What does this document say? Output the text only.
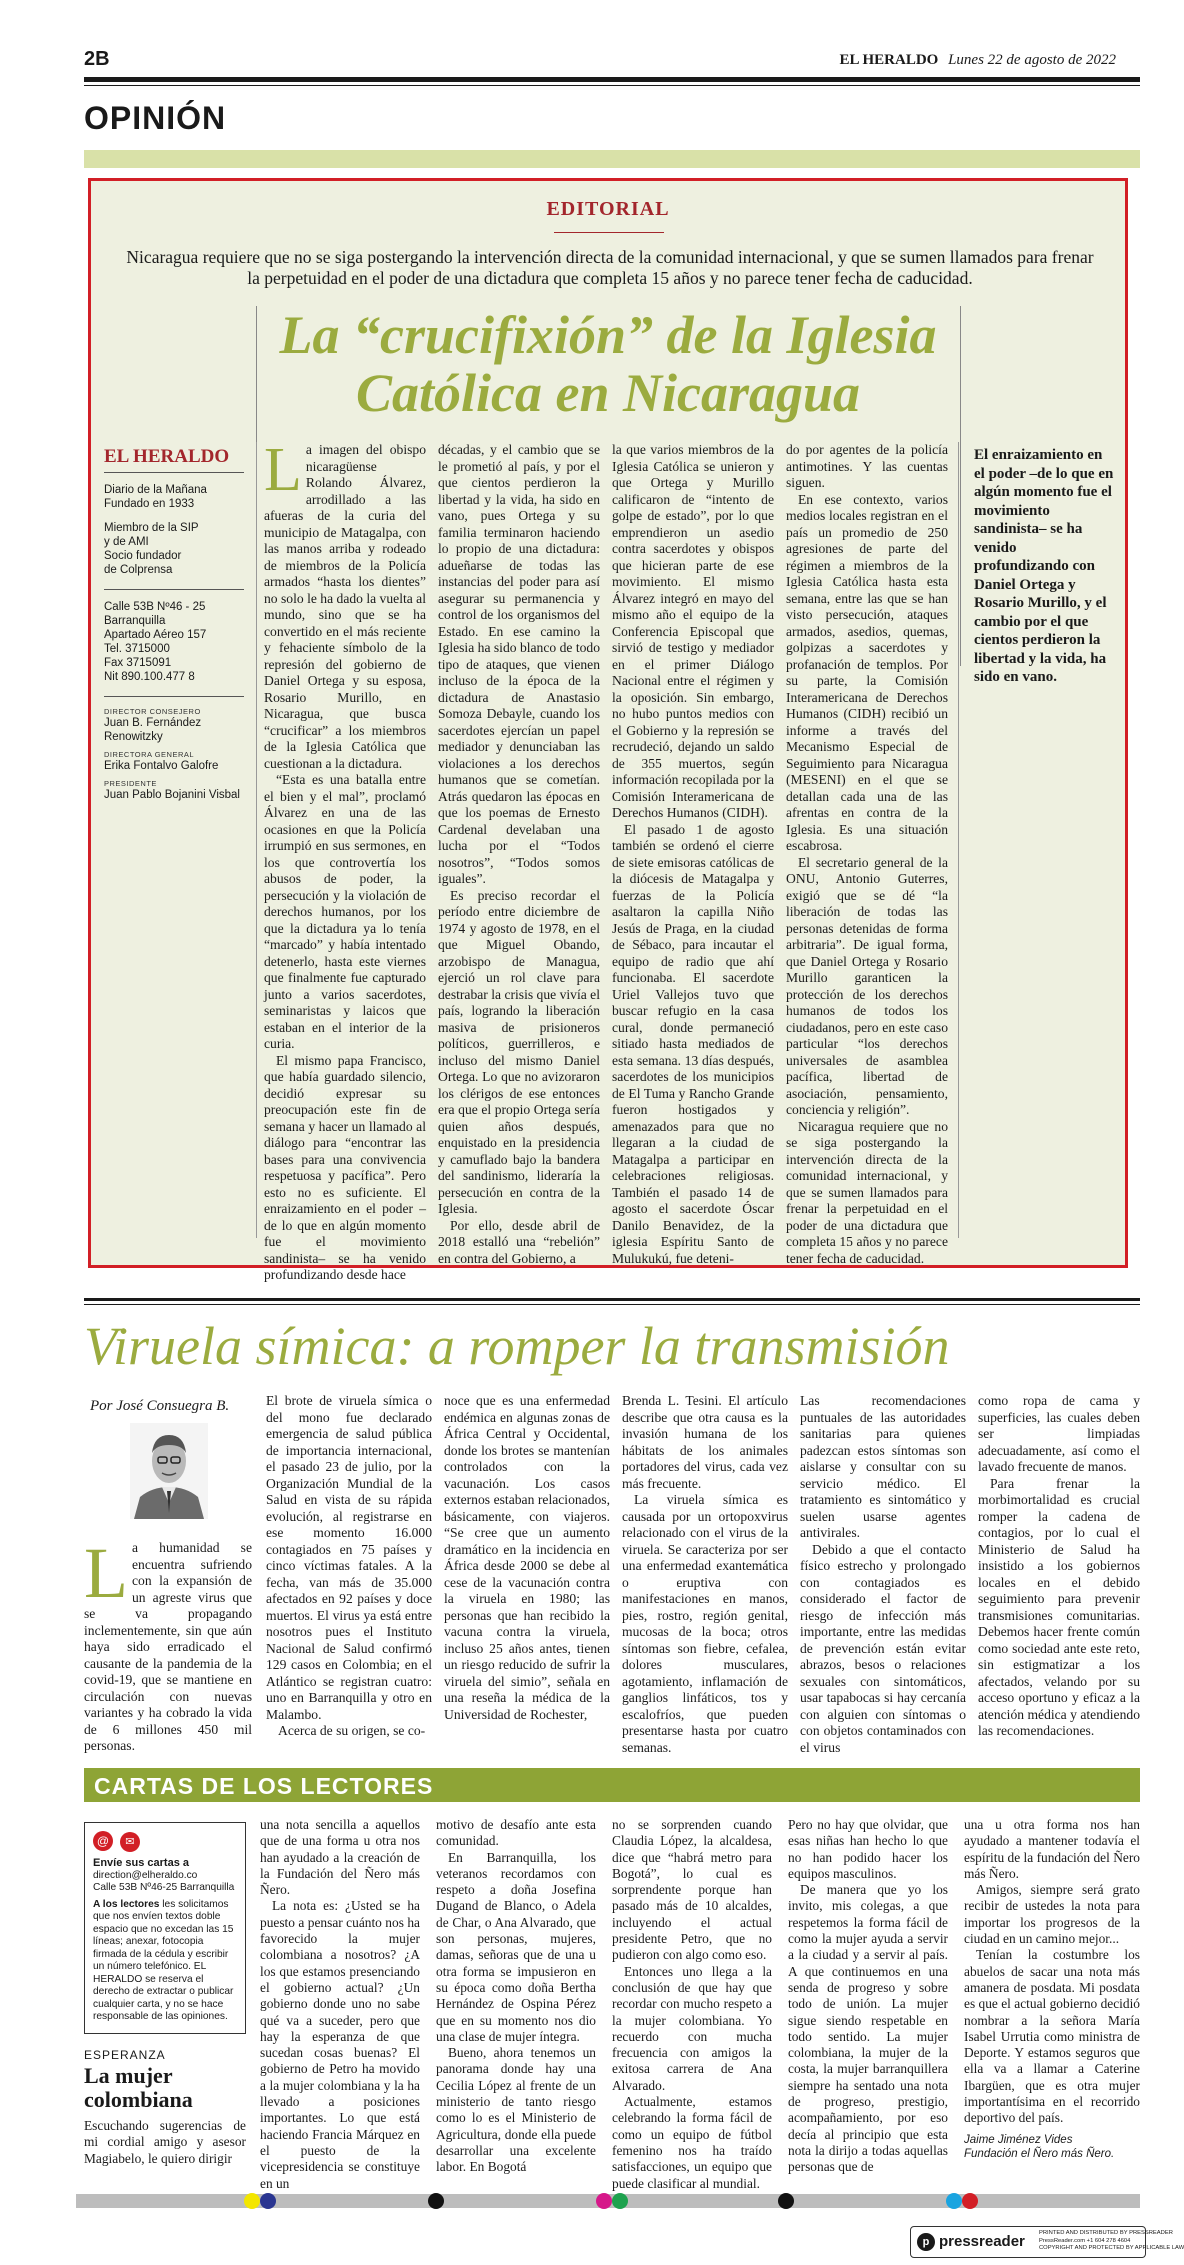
2B	EL HERALDO Lunes 22 de agosto de 2022
OPINIÓN
EDITORIAL
Nicaragua requiere que no se siga postergando la intervención directa de la comunidad internacional, y que se sumen llamados para frenar la perpetuidad en el poder de una dictadura que completa 15 años y no parece tener fecha de caducidad.
La “crucifixión” de la Iglesia
Católica en Nicaragua
EL HERALDO
Diario de la Mañana
Fundado en 1933
Miembro de la SIP
y de AMI
Socio fundador
de Colprensa
Calle 53B Nº46 - 25
Barranquilla
Apartado Aéreo 157
Tel. 3715000
Fax 3715091
Nit 890.100.477 8
DIRECTOR CONSEJERO
Juan B. Fernández Renowitzky
DIRECTORA GENERAL
Erika Fontalvo Galofre
PRESIDENTE
Juan Pablo Bojanini Visbal

La imagen del obispo nicaragüense Rolando Álvarez, arrodillado a las afueras de la curia del municipio de Matagalpa, con las manos arriba y rodeado de miembros de la Policía armados “hasta los dientes” no solo le ha dado la vuelta al mundo, sino que se ha convertido en el más reciente y fehaciente símbolo de la represión del gobierno de Daniel Ortega y su esposa, Rosario Murillo, en Nicaragua, que busca “crucificar” a los miembros de la Iglesia Católica que cuestionan a la dictadura.

“Esta es una batalla entre el bien y el mal”, proclamó Álvarez en una de las ocasiones en que la Policía irrumpió en sus sermones, en los que controvertía los abusos de poder, la persecución y la violación de derechos humanos, por los que la dictadura ya lo tenía “marcado” y había intentado detenerlo, hasta este viernes que finalmente fue capturado junto a varios sacerdotes, seminaristas y laicos que estaban en el interior de la curia.

El mismo papa Francisco, que había guardado silencio, decidió expresar su preocupación este fin de semana y hacer un llamado al diálogo para “encontrar las bases para una convivencia respetuosa y pacífica”. Pero esto no es suficiente. El enraizamiento en el poder –de lo que en algún momento fue el movimiento sandinista– se ha venido profundizando desde hace

décadas, y el cambio que se le prometió al país, y por el que cientos perdieron la libertad y la vida, ha sido en vano, pues Ortega y su familia terminaron haciendo lo propio de una dictadura: adueñarse de todas las instancias del poder para así asegurar su permanencia y control de los organismos del Estado. En ese camino la Iglesia ha sido blanco de todo tipo de ataques, que vienen incluso de la época de la dictadura de Anastasio Somoza Debayle, cuando los sacerdotes ejercían un papel mediador y denunciaban las violaciones a los derechos humanos que se cometían. Atrás quedaron las épocas en que los poemas de Ernesto Cardenal develaban una lucha por el “Todos nosotros”, “Todos somos iguales”.

Es preciso recordar el período entre diciembre de 1974 y agosto de 1978, en el que Miguel Obando, arzobispo de Managua, ejerció un rol clave para destrabar la crisis que vivía el país, logrando la liberación masiva de prisioneros políticos, guerrilleros, e incluso del mismo Daniel Ortega. Lo que no avizoraron los clérigos de ese entonces era que el propio Ortega sería quien años después, enquistado en la presidencia y camuflado bajo la bandera del sandinismo, lideraría la persecución en contra de la Iglesia.

Por ello, desde abril de 2018 estalló una “rebelión” en contra del Gobierno, a

la que varios miembros de la Iglesia Católica se unieron y que Ortega y Murillo calificaron de “intento de golpe de estado”, por lo que emprendieron un asedio contra sacerdotes y obispos que hicieran parte de ese movimiento. El mismo Álvarez integró en mayo del mismo año el equipo de la Conferencia Episcopal que sirvió de testigo y mediador en el primer Diálogo Nacional entre el régimen y la oposición. Sin embargo, no hubo puntos medios con el Gobierno y la represión se recrudeció, dejando un saldo de 355 muertos, según información recopilada por la Comisión Interamericana de Derechos Humanos (CIDH).

El pasado 1 de agosto también se ordenó el cierre de siete emisoras católicas de la diócesis de Matagalpa y fuerzas de la Policía asaltaron la capilla Niño Jesús de Praga, en la ciudad de Sébaco, para incautar el equipo de radio que ahí funcionaba. El sacerdote Uriel Vallejos tuvo que buscar refugio en la casa cural, donde permaneció sitiado hasta mediados de esta semana. 13 días después, sacerdotes de los municipios de El Tuma y Rancho Grande fueron hostigados y amenazados para que no llegaran a la ciudad de Matagalpa a participar en celebraciones religiosas. También el pasado 14 de agosto el sacerdote Óscar Danilo Benavidez, de la iglesia Espíritu Santo de Mulukukú, fue deteni-

do por agentes de la policía antimotines. Y las cuentas siguen.

En ese contexto, varios medios locales registran en el país un promedio de 250 agresiones de parte del régimen a miembros de la Iglesia Católica hasta esta semana, entre las que se han visto persecución, ataques armados, asedios, quemas, golpizas a sacerdotes y profanación de templos. Por su parte, la Comisión Interamericana de Derechos Humanos (CIDH) recibió un informe a través del Mecanismo Especial de Seguimiento para Nicaragua (MESENI) en el que se detallan cada una de las afrentas en contra de la Iglesia. Es una situación escabrosa.

El secretario general de la ONU, Antonio Guterres, exigió que se dé “la liberación de todas las personas detenidas de forma arbitraria”. De igual forma, que Daniel Ortega y Rosario Murillo garanticen la protección de los derechos humanos de todos los ciudadanos, pero en este caso particular “los derechos universales de asamblea pacífica, libertad de asociación, pensamiento, conciencia y religión”.

Nicaragua requiere que no se siga postergando la intervención directa de la comunidad internacional, y que se sumen llamados para frenar la perpetuidad en el poder de una dictadura que completa 15 años y no parece tener fecha de caducidad.

El enraizamiento en el poder –de lo que en algún momento fue el movimiento sandinista– se ha venido profundizando con Daniel Ortega y Rosario Murillo, y el cambio por el que cientos perdieron la libertad y la vida, ha sido en vano.
Viruela símica: a romper la transmisión
Por José Consuegra B.

La humanidad se encuentra sufriendo con la expansión de un agreste virus que se va propagando inclementemente, sin que aún haya sido erradicado el causante de la pandemia de la covid-19, que se mantiene en circulación con nuevas variantes y ha cobrado la vida de 6 millones 450 mil personas.

El brote de viruela símica o del mono fue declarado emergencia de salud pública de importancia internacional, el pasado 23 de julio, por la Organización Mundial de la Salud en vista de su rápida evolución, al registrarse en ese momento 16.000 contagiados en 75 países y cinco víctimas fatales. A la fecha, van más de 35.000 afectados en 92 países y doce muertos. El virus ya está entre nosotros pues el Instituto Nacional de Salud confirmó 129 casos en Colombia; en el Atlántico se registran cuatro: uno en Barranquilla y otro en Malambo.

Acerca de su origen, se co-

noce que es una enfermedad endémica en algunas zonas de África Central y Occidental, donde los brotes se mantenían controlados con la vacunación. Los casos externos estaban relacionados, básicamente, con viajeros. “Se cree que un aumento dramático en la incidencia en África desde 2000 se debe al cese de la vacunación contra la viruela en 1980; las personas que han recibido la vacuna contra la viruela, incluso 25 años antes, tienen un riesgo reducido de sufrir la viruela del simio”, señala en una reseña la médica de la Universidad de Rochester,

Brenda L. Tesini. El artículo describe que otra causa es la invasión humana de los hábitats de los animales portadores del virus, cada vez más frecuente.

La viruela símica es causada por un ortopoxvirus relacionado con el virus de la viruela. Se caracteriza por ser una enfermedad exantemática o eruptiva con manifestaciones en manos, pies, rostro, región genital, mucosas de la boca; otros síntomas son fiebre, cefalea, dolores musculares, agotamiento, inflamación de ganglios linfáticos, tos y escalofríos, que pueden presentarse hasta por cuatro semanas.

Las recomendaciones puntuales de las autoridades sanitarias para quienes padezcan estos síntomas son aislarse y consultar con su servicio médico. El tratamiento es sintomático y suelen usarse agentes antivirales.

Debido a que el contacto físico estrecho y prolongado con contagiados es considerado el factor de riesgo de infección más importante, entre las medidas de prevención están evitar abrazos, besos o relaciones sexuales con sintomáticos, usar tapabocas si hay cercanía con alguien con síntomas o con objetos contaminados con el virus

como ropa de cama y superficies, las cuales deben ser limpiadas adecuadamente, así como el lavado frecuente de manos.

Para frenar la morbimortalidad es crucial romper la cadena de contagios, por lo cual el Ministerio de Salud ha insistido a los gobiernos locales en el debido seguimiento para prevenir transmisiones comunitarias. Debemos hacer frente común como sociedad ante este reto, sin estigmatizar a los afectados, velando por su acceso oportuno y eficaz a la atención médica y atendiendo las recomendaciones.

CARTAS DE LOS LECTORES
@ ✉
Envíe sus cartas a
direction@elheraldo.co
Calle 53B Nº46-25 Barranquilla
A los lectores les solicitamos que nos envíen textos doble espacio que no excedan las 15 líneas; anexar, fotocopia firmada de la cédula y escribir un número telefónico. EL HERALDO se reserva el derecho de extractar o publicar cualquier carta, y no se hace responsable de las opiniones.
ESPERANZA
La mujer
colombiana

Escuchando sugerencias de mi cordial amigo y asesor Magiabelo, le quiero dirigir

una nota sencilla a aquellos que de una forma u otra nos han ayudado a la creación de la Fundación del Ñero más Ñero.

La nota es: ¿Usted se ha puesto a pensar cuánto nos ha favorecido la mujer colombiana a nosotros? ¿A los que estamos presenciando el gobierno actual? ¿Un gobierno donde uno no sabe qué va a suceder, pero que hay la esperanza de que sucedan cosas buenas? El gobierno de Petro ha movido a la mujer colombiana y la ha llevado a posiciones importantes. Lo que está haciendo Francia Márquez en el puesto de la vicepresidencia se constituye en un

motivo de desafío ante esta comunidad.

En Barranquilla, los veteranos recordamos con respeto a doña Josefina Dugand de Blanco, o Adela de Char, o Ana Alvarado, que son personas, mujeres, damas, señoras que de una u otra forma se impusieron en su época como doña Bertha Hernández de Ospina Pérez que en su momento nos dio una clase de mujer íntegra.

Bueno, ahora tenemos un panorama donde hay una Cecilia López al frente de un ministerio de tanto riesgo como lo es el Ministerio de Agricultura, donde ella puede desarrollar una excelente labor. En Bogotá

no se sorprenden cuando Claudia López, la alcaldesa, dice que “habrá metro para Bogotá”, lo cual es sorprendente porque han pasado más de 10 alcaldes, incluyendo el actual presidente Petro, que no pudieron con algo como eso.

Entonces uno llega a la conclusión de que hay que recordar con mucho respeto a la mujer colombiana. Yo recuerdo con mucha frecuencia con amigos la exitosa carrera de Ana Alvarado.

Actualmente, estamos celebrando la forma fácil de como un equipo de fútbol femenino nos ha traído satisfacciones, un equipo que puede clasificar al mundial.

Pero no hay que olvidar, que esas niñas han hecho lo que no han podido hacer los equipos masculinos.

De manera que yo los invito, mis colegas, a que respetemos la forma fácil de como la mujer ayuda a servir a la ciudad y a servir al país. A que continuemos en una senda de progreso y sobre todo de unión. La mujer sigue siendo respetable en todo sentido. La mujer colombiana, la mujer de la costa, la mujer barranquillera siempre ha sentado una nota de progreso, prestigio, acompañamiento, por eso decía al principio que esta nota la dirijo a todas aquellas personas que de

una u otra forma nos han ayudado a mantener todavía el espíritu de la fundación del Ñero más Ñero.

Amigos, siempre será grato recibir de ustedes la nota para importar los progresos de la ciudad en un camino mejor...

Tenían la costumbre los abuelos de sacar una nota más amanera de posdata. Mi posdata es que el actual gobierno decidió nombrar a la señora María Isabel Urrutia como ministra de Deporte. Y estamos seguros que ella va a llamar a Caterine Ibargüen, que es otra mujer importantísima en el recorrido deportivo del país.

Jaime Jiménez Vides
Fundación el Ñero más Ñero.
p pressreader PRINTED AND DISTRIBUTED BY PRESSREADER
PressReader.com +1 604 278 4604
COPYRIGHT AND PROTECTED BY APPLICABLE LAW
